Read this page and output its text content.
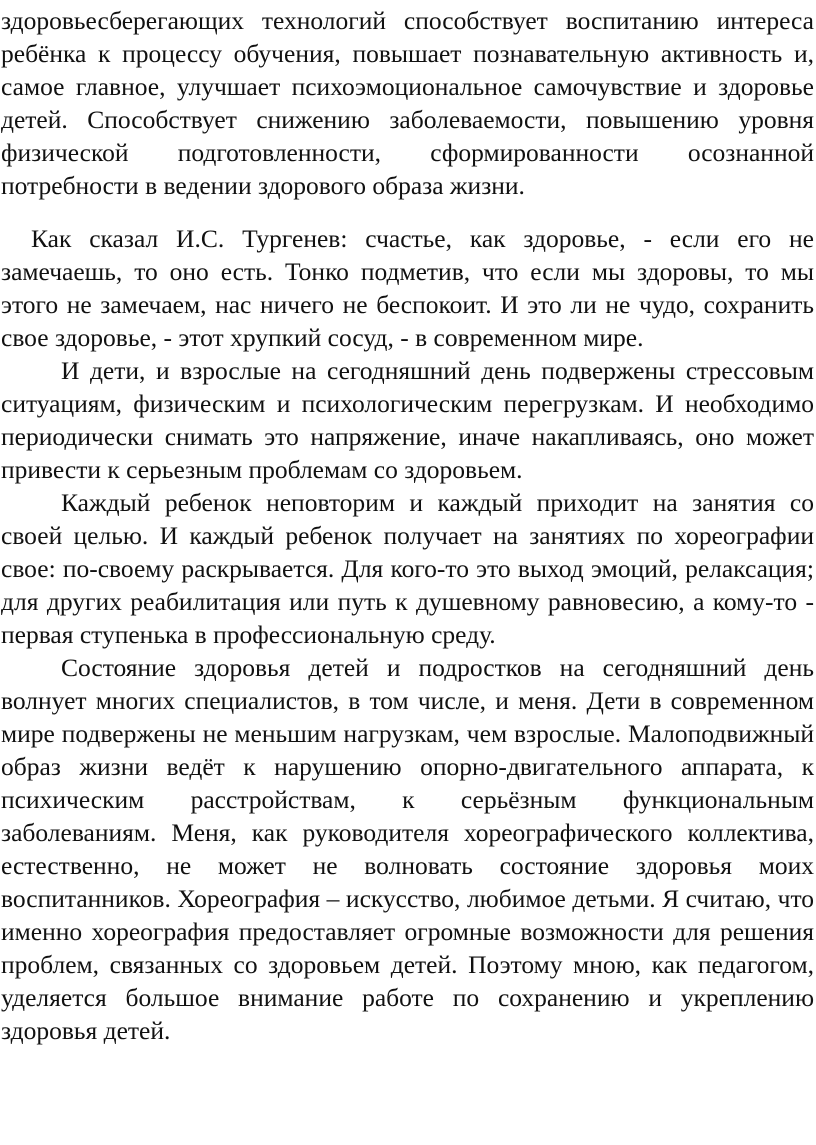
здоровьесберегающих технологий способствует воспитанию интереса ребёнка к процессу обучения, повышает познавательную активность и, самое главное, улучшает психоэмоциональное самочувствие и здоровье детей. Способствует снижению заболеваемости, повышению уровня физической подготовленности, сформированности осознанной потребности в ведении здорового образа жизни.

Как сказал И.С. Тургенев: счастье, как здоровье, - если его не замечаешь, то оно есть. Тонко подметив, что если мы здоровы, то мы этого не замечаем, нас ничего не беспокоит. И это ли не чудо, сохранить свое здоровье, - этот хрупкий сосуд, - в современном мире.

И дети, и взрослые на сегодняшний день подвержены стрессовым ситуациям, физическим и психологическим перегрузкам. И необходимо периодически снимать это напряжение, иначе накапливаясь, оно может привести к серьезным проблемам со здоровьем.

Каждый ребенок неповторим и каждый приходит на занятия со своей целью. И каждый ребенок получает на занятиях по хореографии свое: по-своему раскрывается. Для кого-то это выход эмоций, релаксация; для других реабилитация или путь к душевному равновесию, а кому-то - первая ступенька в профессиональную среду.

Состояние здоровья детей и подростков на сегодняшний день волнует многих специалистов, в том числе, и меня. Дети в современном мире подвержены не меньшим нагрузкам, чем взрослые. Малоподвижный образ жизни ведёт к нарушению опорно-двигательного аппарата, к психическим расстройствам, к серьёзным функциональным заболеваниям. Меня, как руководителя хореографического коллектива, естественно, не может не волновать состояние здоровья моих воспитанников. Хореография – искусство, любимое детьми. Я считаю, что именно хореография предоставляет огромные возможности для решения проблем, связанных со здоровьем детей. Поэтому мною, как педагогом, уделяется большое внимание работе по сохранению и укреплению здоровья детей.
